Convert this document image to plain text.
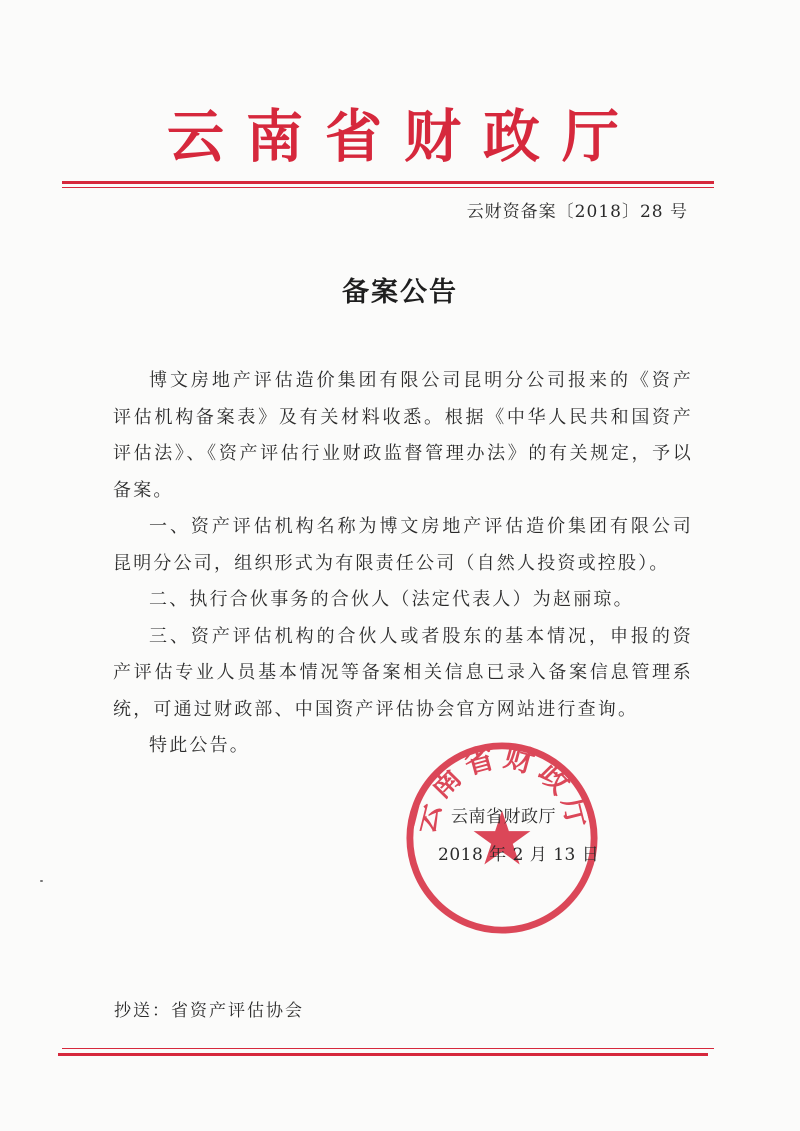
云南省财政厅
云财资备案〔2018〕28 号
备案公告

博文房地产评估造价集团有限公司昆明分公司报来的《资产评估机构备案表》及有关材料收悉。根据《中华人民共和国资产评估法》、《资产评估行业财政监督管理办法》的有关规定，予以备案。

一、资产评估机构名称为博文房地产评估造价集团有限公司昆明分公司，组织形式为有限责任公司（自然人投资或控股）。

二、执行合伙事务的合伙人（法定代表人）为赵丽琼。

三、资产评估机构的合伙人或者股东的基本情况，申报的资产评估专业人员基本情况等备案相关信息已录入备案信息管理系统，可通过财政部、中国资产评估协会官方网站进行查询。

特此公告。

云南省财政厅
云南省财政厅
2018 年 2 月 13 日
抄送：省资产评估协会
